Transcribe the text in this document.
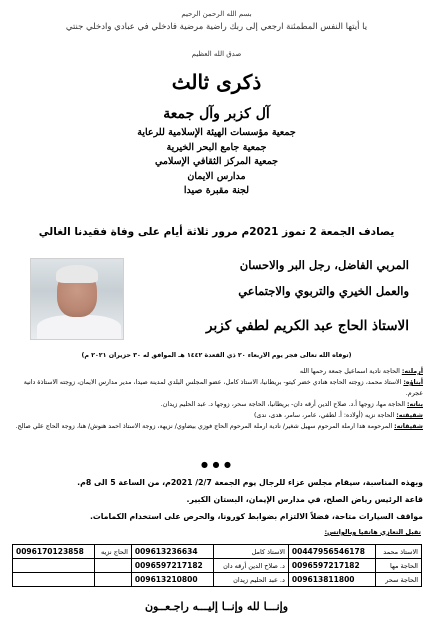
بسم الله الرحمن الرحيم
يا أيتها النفس المطمئنة ارجعي إلى ربك راضية مرضية فادخلي في عبادي وادخلي جنتي
صدق الله العظيم
ذكرى ثالث
آل كزبر وآل جمعة
جمعية مؤسسات الهيئة الإسلامية للرعاية
جمعية جامع البحر الخيرية
جمعية المركز الثقافي الإسلامي
مدارس الايمان
لجنة مقبرة صيدا
يصادف الجمعة 2 تموز 2021م مرور ثلاثة أيام على وفاة فقيدنا الغالي
المربي الفاضل، رجل البر والاحسان
والعمل الخيري والتربوي والاجتماعي
الاستاذ الحاج عبد الكريم لطفي كزبر
(توفاه الله تعالى فجر يوم الاربعاء ٢٠ ذي القعدة ١٤٤٢ هـ الموافق له ٣٠ حزيران ٢٠٢١ م)
أرملته: الحاجة نادية اسماعيل جمعة رحمها الله
أبناؤه: الاستاذ محمد، زوجته الحاجة هنادي خضر كيتو- بريطانيا، الاستاذ كامل، عضو المجلس البلدي لمدينة صيدا، مدير مدارس الايمان، زوجته الاستاذة دانية عجرم.
بناته: الحاجة مها، زوجها أ.د. صلاح الدين أرقه دان- بريطانيا، الحاجة سحر، زوجها د. عبد الحليم زيدان.
شقيقته: الحاجة نزيه (أولاده: أ. لطفي، عامر، سامر، هدى، ندى)
شقيقاته: المرحومة هدا ارملة المرحوم سهيل شغير/ نادية ارملة المرحوم الحاج فوزي بيضاوي/ نزيهة، زوجة الاستاذ احمد هنوش/ هنا، زوجة الحاج علي صالح.
● ● ●
وبهذه المناسبة، سيقام مجلس عزاء للرجال يوم الجمعة 2/7/ 2021م، من الساعة 5 الى 8م.
قاعة الرئيس رياض الصلح، في مدارس الإيمان، البستان الكبير.
مواقف السيارات متاحة، فضلاً الالتزام بضوابط كورونا، والحرص على استخدام الكمامات.
تقبل التعازي هاتفيا وبالواتس:
الاستاذ محمد	00447956546178	الاستاذ كامل	009613236634	الحاج نزيه	0096170123858
الحاجة مها	0096597217182	د. صلاح الدين أرقه دان	0096597217182		
الحاجة سحر	009613811800	د. عبد الحليم زيدان	009613210800		
وإنـــا لله وإنــا إليـــه راجـعــون
